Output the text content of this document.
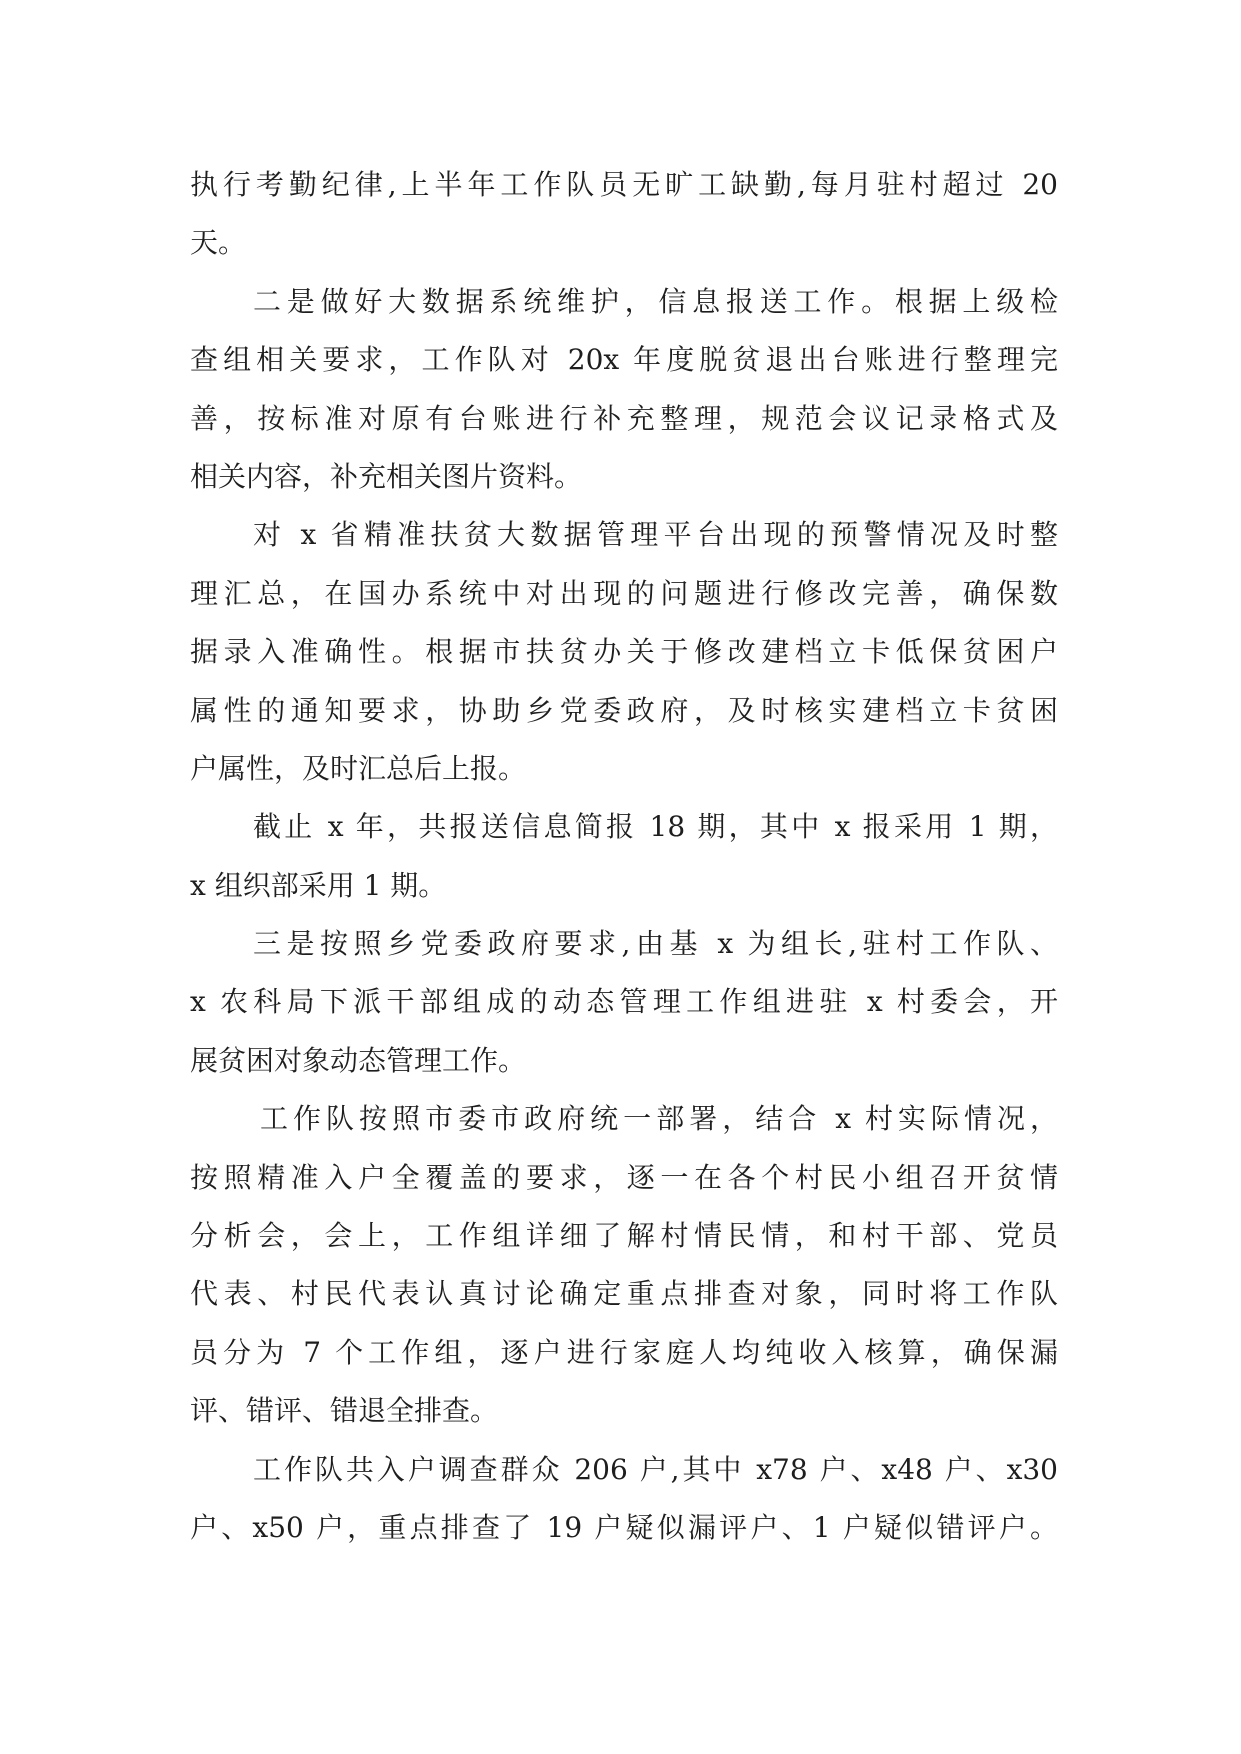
执行考勤纪律,上半年工作队员无旷工缺勤,每月驻村超过 20
天。
二是做好大数据系统维护，信息报送工作。根据上级检
查组相关要求，工作队对 20x 年度脱贫退出台账进行整理完
善，按标准对原有台账进行补充整理，规范会议记录格式及
相关内容，补充相关图片资料。
对 x 省精准扶贫大数据管理平台出现的预警情况及时整
理汇总，在国办系统中对出现的问题进行修改完善，确保数
据录入准确性。根据市扶贫办关于修改建档立卡低保贫困户
属性的通知要求，协助乡党委政府，及时核实建档立卡贫困
户属性，及时汇总后上报。
截止 x 年，共报送信息简报 18 期，其中 x 报采用 1 期，
x 组织部采用 1 期。
三是按照乡党委政府要求,由基 x 为组长,驻村工作队、
x 农科局下派干部组成的动态管理工作组进驻 x 村委会，开
展贫困对象动态管理工作。
工作队按照市委市政府统一部署，结合 x 村实际情况，
按照精准入户全覆盖的要求，逐一在各个村民小组召开贫情
分析会，会上，工作组详细了解村情民情，和村干部、党员
代表、村民代表认真讨论确定重点排查对象，同时将工作队
员分为 7 个工作组，逐户进行家庭人均纯收入核算，确保漏
评、错评、错退全排查。
工作队共入户调查群众 206 户,其中 x78 户、x48 户、x30
户、x50 户，重点排查了 19 户疑似漏评户、1 户疑似错评户。
